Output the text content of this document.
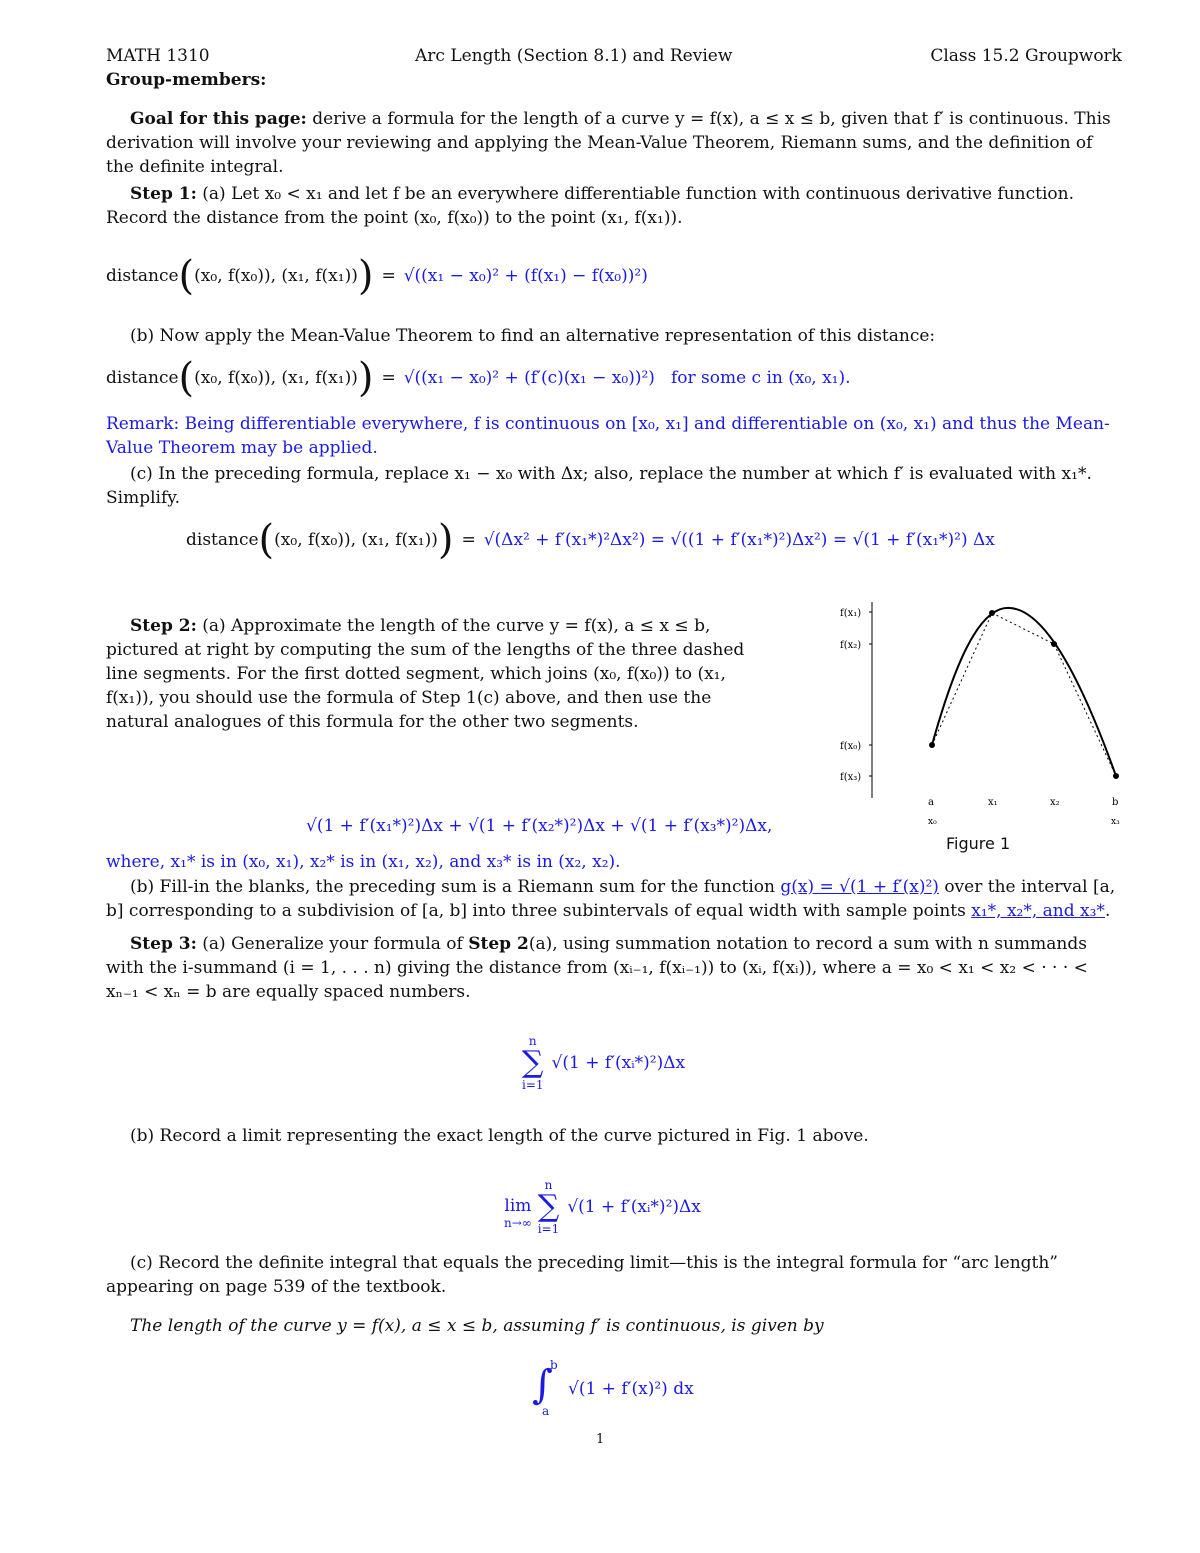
MATH 1310	Arc Length (Section 8.1) and Review	Class 15.2 Groupwork
Group-members:
Goal for this page: derive a formula for the length of a curve y = f(x), a ≤ x ≤ b, given that f′ is continuous. This derivation will involve your reviewing and applying the Mean-Value Theorem, Riemann sums, and the definition of the definite integral.
Step 1: (a) Let x₀ < x₁ and let f be an everywhere differentiable function with continuous derivative function. Record the distance from the point (x₀, f(x₀)) to the point (x₁, f(x₁)).
distance ( (x₀, f(x₀)), (x₁, f(x₁)) ) = √((x₁ − x₀)² + (f(x₁) − f(x₀))²)
(b) Now apply the Mean-Value Theorem to find an alternative representation of this distance:
distance ( (x₀, f(x₀)), (x₁, f(x₁)) ) = √((x₁ − x₀)² + (f′(c)(x₁ − x₀))²) for some c in (x₀, x₁).
Remark: Being differentiable everywhere, f is continuous on [x₀, x₁] and differentiable on (x₀, x₁) and thus the Mean-Value Theorem may be applied.
(c) In the preceding formula, replace x₁ − x₀ with Δx; also, replace the number at which f′ is evaluated with x₁*. Simplify.
distance ( (x₀, f(x₀)), (x₁, f(x₁)) ) = √(Δx² + f′(x₁*)²Δx²) = √((1 + f′(x₁*)²)Δx²) = √(1 + f′(x₁*)²) Δx
Step 2: (a) Approximate the length of the curve y = f(x), a ≤ x ≤ b, pictured at right by computing the sum of the lengths of the three dashed line segments. For the first dotted segment, which joins (x₀, f(x₀)) to (x₁, f(x₁)), you should use the formula of Step 1(c) above, and then use the natural analogues of this formula for the other two segments.
f(x₁)
f(x₂)
f(x₀)
f(x₃)
a
x₀
x₁	x₂	b
x₃
Figure 1
√(1 + f′(x₁*)²)Δx + √(1 + f′(x₂*)²)Δx + √(1 + f′(x₃*)²)Δx,
where, x₁* is in (x₀, x₁), x₂* is in (x₁, x₂), and x₃* is in (x₂, x₂).
(b) Fill-in the blanks, the preceding sum is a Riemann sum for the function g(x) = √(1 + f′(x)²) over the interval [a, b] corresponding to a subdivision of [a, b] into three subintervals of equal width with sample points x₁*, x₂*, and x₃*.
Step 3: (a) Generalize your formula of Step 2(a), using summation notation to record a sum with n summands with the i-summand (i = 1, . . . n) giving the distance from (xᵢ₋₁, f(xᵢ₋₁)) to (xᵢ, f(xᵢ)), where a = x₀ < x₁ < x₂ < · · · < xₙ₋₁ < xₙ = b are equally spaced numbers.
n
∑
i=1
√(1 + f′(xᵢ*)²)Δx
(b) Record a limit representing the exact length of the curve pictured in Fig. 1 above.
lim
n→∞
n
∑
i=1
√(1 + f′(xᵢ*)²)Δx
(c) Record the definite integral that equals the preceding limit—this is the integral formula for “arc length” appearing on page 539 of the textbook.
The length of the curve y = f(x), a ≤ x ≤ b, assuming f′ is continuous, is given by
∫
b
a
√(1 + f′(x)²) dx
1
